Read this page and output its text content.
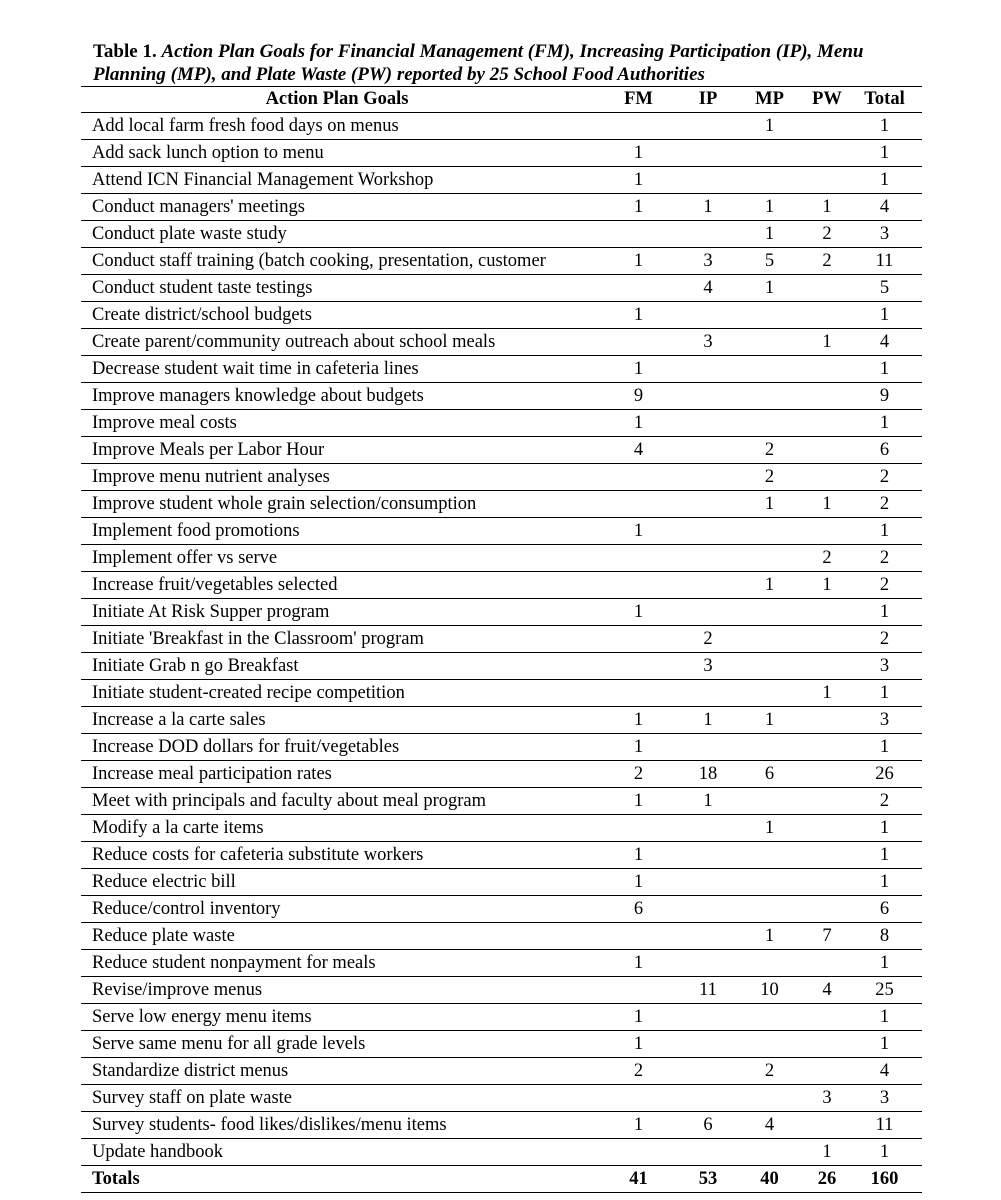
Table 1. Action Plan Goals for Financial Management (FM), Increasing Participation (IP), Menu Planning (MP), and Plate Waste (PW) reported by 25 School Food Authorities
Action Plan Goals	FM	IP	MP	PW	Total
Add local farm fresh food days on menus			1		1
Add sack lunch option to menu	1				1
Attend ICN Financial Management Workshop	1				1
Conduct managers' meetings	1	1	1	1	4
Conduct plate waste study			1	2	3
Conduct staff training (batch cooking, presentation, customer	1	3	5	2	11
Conduct student taste testings		4	1		5
Create district/school budgets	1				1
Create parent/community outreach about school meals		3		1	4
Decrease student wait time in cafeteria lines	1				1
Improve managers knowledge about budgets	9				9
Improve meal costs	1				1
Improve Meals per Labor Hour	4		2		6
Improve menu nutrient analyses			2		2
Improve student whole grain selection/consumption			1	1	2
Implement food promotions	1				1
Implement offer vs serve				2	2
Increase fruit/vegetables selected			1	1	2
Initiate At Risk Supper program	1				1
Initiate 'Breakfast in the Classroom' program		2			2
Initiate Grab n go Breakfast		3			3
Initiate student-created recipe competition				1	1
Increase a la carte sales	1	1	1		3
Increase DOD dollars for fruit/vegetables	1				1
Increase meal participation rates	2	18	6		26
Meet with principals and faculty about meal program	1	1			2
Modify a la carte items			1		1
Reduce costs for cafeteria substitute workers	1				1
Reduce electric bill	1				1
Reduce/control inventory	6				6
Reduce plate waste			1	7	8
Reduce student nonpayment for meals	1				1
Revise/improve menus		11	10	4	25
Serve low energy menu items	1				1
Serve same menu for all grade levels	1				1
Standardize district menus	2		2		4
Survey staff on plate waste				3	3
Survey students- food likes/dislikes/menu items	1	6	4		11
Update handbook				1	1
Totals	41	53	40	26	160
